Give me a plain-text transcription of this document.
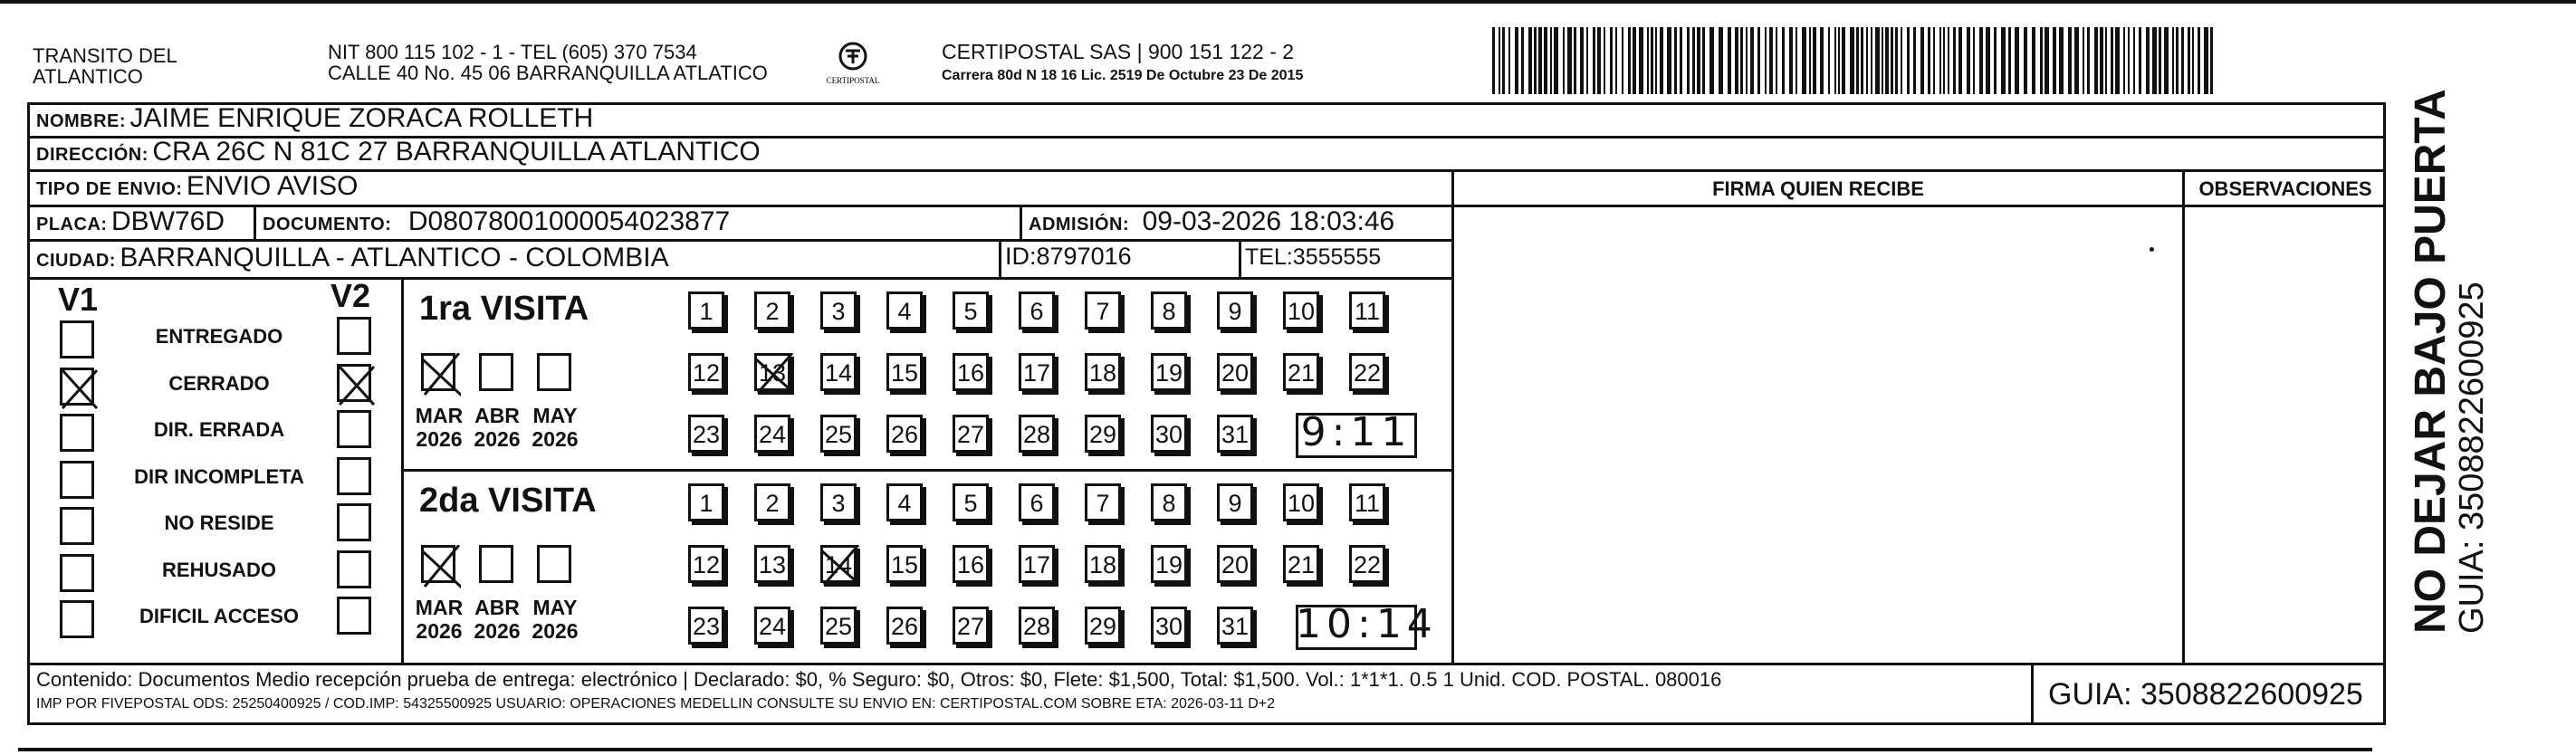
TRANSITO DEL
ATLANTICO
NIT 800 115 102 - 1 - TEL (605) 370 7534
CALLE 40 No. 45 06 BARRANQUILLA ATLATICO	CERTIPOSTAL
CERTIPOSTAL SAS | 900 151 122 - 2
Carrera 80d N 18 16 Lic. 2519 De Octubre 23 De 2015
NOMBRE: JAIME ENRIQUE ZORACA ROLLETH
DIRECCIÓN: CRA 26C N 81C 27 BARRANQUILLA ATLANTICO
TIPO DE ENVIO: ENVIO AVISO
PLACA: DBW76D DOCUMENTO: D08078001000054023877	ADMISIÓN: 09-03-2026 18:03:46
CIUDAD: BARRANQUILLA - ATLANTICO - COLOMBIA	ID:8797016	TEL:3555555
FIRMA QUIEN RECIBE	OBSERVACIONES
V1	V2
ENTREGADO
CERRADO
DIR. ERRADA
DIR INCOMPLETA
NO RESIDE
REHUSADO
DIFICIL ACCESO
1ra VISITA
MAR
2026
ABR
2026
MAY
2026
1	2	3	4	5	6	7	8	9	10 11
12 13 14 15 16 17 18 19 20 21 22
23 24 25 26 27 28 29 30 31 9:11
2da VISITA
MAR
2026
ABR
2026
MAY
2026
1	2	3	4	5	6	7	8	9	10 11
12 13 14 15 16 17 18 19 20 21 22
23 24 25 26 27 28 29 30 31 10:14
Contenido: Documentos Medio recepción prueba de entrega: electrónico | Declarado: $0, % Seguro: $0, Otros: $0, Flete: $1,500, Total: $1,500. Vol.: 1*1*1. 0.5 1 Unid. COD. POSTAL. 080016
IMP POR FIVEPOSTAL ODS: 25250400925 / COD.IMP: 54325500925 USUARIO: OPERACIONES MEDELLIN CONSULTE SU ENVIO EN: CERTIPOSTAL.COM SOBRE ETA: 2026-03-11 D+2	GUIA: 3508822600925
NO DEJAR BAJO PUERTA
GUIA: 3508822600925
